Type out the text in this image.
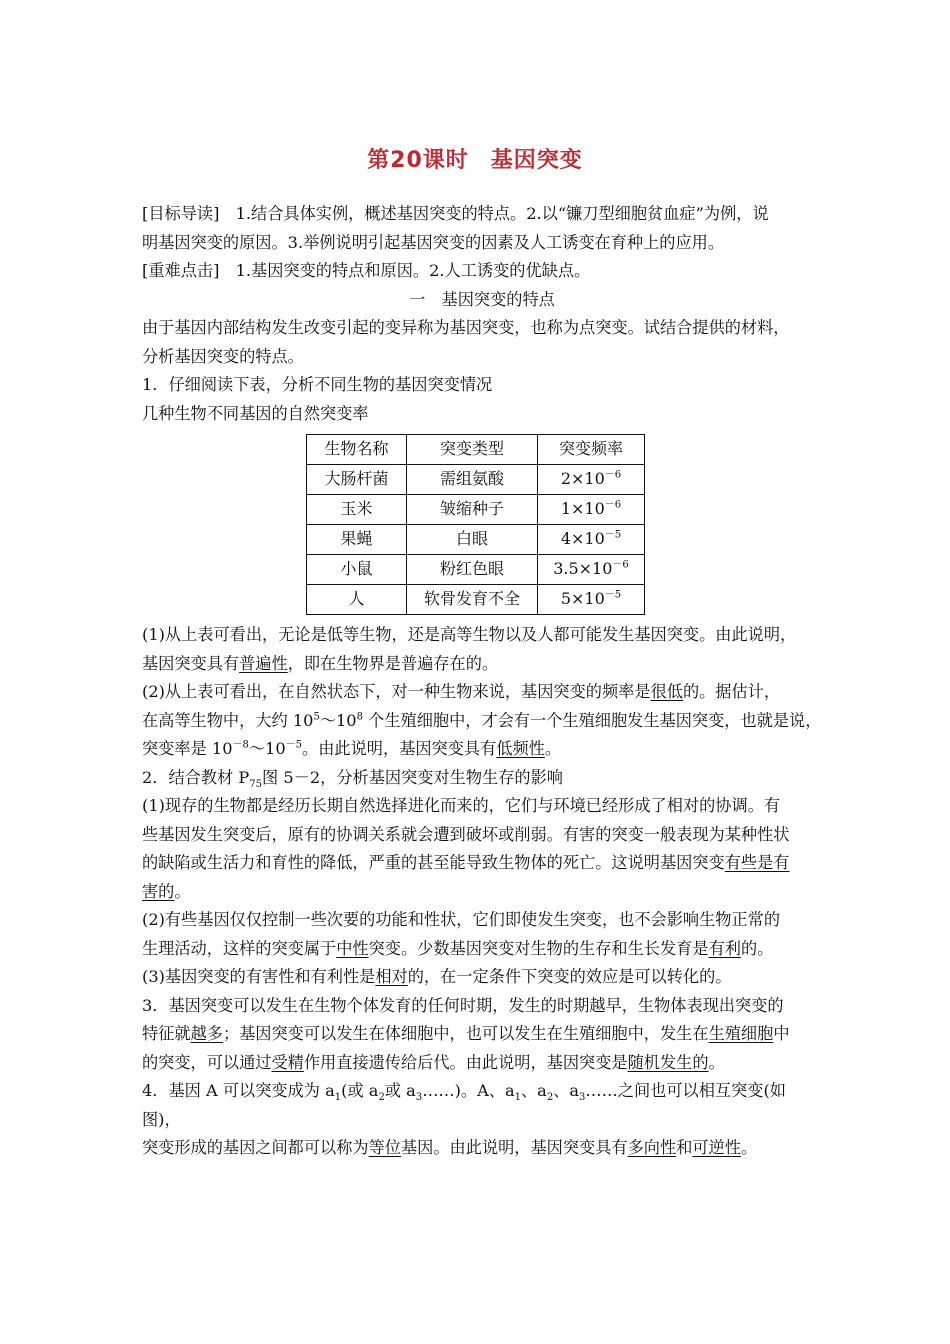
第20课时 基因突变

[目标导读]　 1.结合具体实例，概述基因突变的特点。2.以“镰刀型细胞贫血症”为例，说

明基因突变的原因。3.举例说明引起基因突变的因素及人工诱变在育种上的应用。

[重难点击]　 1.基因突变的特点和原因。2.人工诱变的优缺点。

一　基因突变的特点

由于基因内部结构发生改变引起的变异称为基因突变，也称为点突变。试结合提供的材料，

分析基因突变的特点。

1．仔细阅读下表，分析不同生物的基因突变情况

几种生物不同基因的自然突变率

生物名称	突变类型	突变频率
大肠杆菌	需组氨酸	$2\times 10^{-6}$
玉米	皱缩种子	$1\times 10^{-6}$
果蝇	白眼	$4\times 10^{-5}$
小鼠	粉红色眼	$3.5\times 10^{-6}$
人	软骨发育不全	$5\times 10^{-5}$

(1)从上表可看出，无论是低等生物，还是高等生物以及人都可能发生基因突变。由此说明，

基因突变具有普遍性，即在生物界是普遍存在的。

(2)从上表可看出，在自然状态下，对一种生物来说，基因突变的频率是很低的。据估计，

在高等生物中，大约 $10^5\sim 10^8$ 个生殖细胞中，才会有一个生殖细胞发生基因突变，也就是说，

突变率是 $10^{-8}\sim 10^{-5}$。由此说明，基因突变具有低频性。

2．结合教材 $P_{75}$图 5－2，分析基因突变对生物生存的影响

(1)现存的生物都是经历长期自然选择进化而来的，它们与环境已经形成了相对的协调。有

些基因发生突变后，原有的协调关系就会遭到破坏或削弱。有害的突变一般表现为某种性状

的缺陷或生活力和育性的降低，严重的甚至能导致生物体的死亡。这说明基因突变有些是有

害的。

(2)有些基因仅仅控制一些次要的功能和性状，它们即使发生突变，也不会影响生物正常的

生理活动，这样的突变属于中性突变。少数基因突变对生物的生存和生长发育是有利的。

(3)基因突变的有害性和有利性是相对的，在一定条件下突变的效应是可以转化的。

3．基因突变可以发生在生物个体发育的任何时期，发生的时期越早，生物体表现出突变的

特征就越多；基因突变可以发生在体细胞中，也可以发生在生殖细胞中，发生在生殖细胞中

的突变，可以通过受精作用直接遗传给后代。由此说明，基因突变是随机发生的。

4．基因 A 可以突变成为 $a_1$(或 $a_2$或 $a_3\dots\dots$)。A、$a_1$、$a_2$、$a_3\dots\dots$之间也可以相互突变(如图)，

突变形成的基因之间都可以称为等位基因。由此说明，基因突变具有多向性和可逆性。
